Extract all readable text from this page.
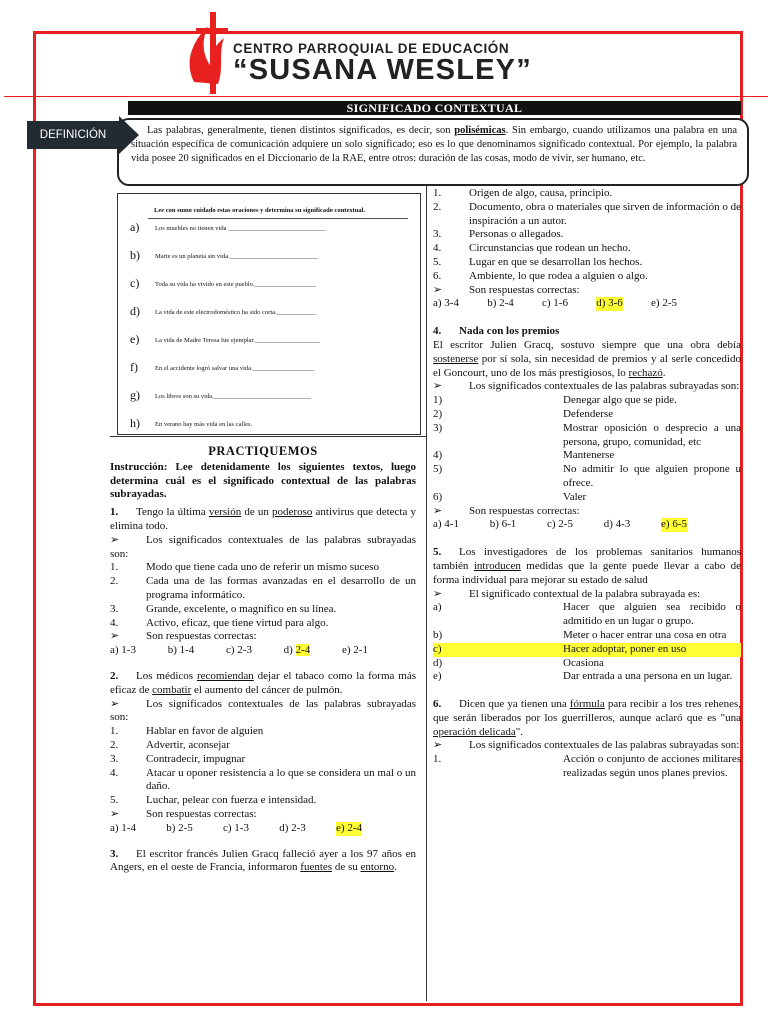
CENTRO PARROQUIAL DE EDUCACIÓN
“SUSANA WESLEY”
SIGNIFICADO CONTEXTUAL
Las palabras, generalmente, tienen distintos significados, es decir, son polisémicas. Sin embargo, cuando utilizamos una palabra en una situación específica de comunicación adquiere un solo significado; eso es lo que denominamos significado contextual. Por ejemplo, la palabra vida posee 20 significados en el Diccionario de la RAE, entre otros: duración de las cosas, modo de vivir, ser humano, etc.
DEFINICIÓN
Lee con sumo cuidado estas oraciones y determina su significado contextual.
a) Los muebles no tienen vida ______________________________
b) Marte es un planeta sin vida.___________________________
c) Toda su vida ha vivido en este pueblo.___________________
d) La vida de este electrodoméstico ha sido corta.____________
e) La vida de Madre Teresa fue ejemplar.____________________
f)	En el accidente logró salvar una vida.___________________
g) Los libros son su vida.______________________________
h) En verano hay más vida en las calles.
PRACTIQUEMOS
Instrucción: Lee detenidamente los siguientes textos, luego determina cuál es el significado contextual de las palabras subrayadas.
1. Tengo la última versión de un poderoso antivirus que detecta y elimina todo.
➢ Los significados contextuales de las palabras subrayadas son:
1.	Modo que tiene cada uno de referir un mismo suceso
2.	Cada una de las formas avanzadas en el desarrollo de un programa informático.
3.	Grande, excelente, o magnífico en su línea.
4.	Activo, eficaz, que tiene virtud para algo.
➢ Son respuestas correctas:
a) 1-3	b) 1-4	c) 2-3	d) 2-4	e) 2-1
2. Los médicos recomiendan dejar el tabaco como la forma más eficaz de combatir el aumento del cáncer de pulmón.
➢ Los significados contextuales de las palabras subrayadas son:
1.	Hablar en favor de alguien
2.	Advertir, aconsejar
3.	Contradecir, impugnar
4.	Atacar u oponer resistencia a lo que se considera un mal o un daño.
5.	Luchar, pelear con fuerza e intensidad.
➢ Son respuestas correctas:
a) 1-4	b) 2-5	c) 1-3	d) 2-3	e) 2-4
3. El escritor francés Julien Gracq falleció ayer a los 97 años en Angers, en el oeste de Francia, informaron fuentes de su entorno.
1.	Origen de algo, causa, principio.
2.	Documento, obra o materiales que sirven de información o de inspiración a un autor.
3.	Personas o allegados.
4.	Circunstancias que rodean un hecho.
5.	Lugar en que se desarrollan los hechos.
6.	Ambiente, lo que rodea a alguien o algo.
➢ Son respuestas correctas:
a) 3-4	b) 2-4	c) 1-6	d) 3-6	e) 2-5
4. Nada con los premios
El escritor Julien Gracq, sostuvo siempre que una obra debía sostenerse por sí sola, sin necesidad de premios y al serle concedido el Goncourt, uno de los más prestigiosos, lo rechazó.
➢ Los significados contextuales de las palabras subrayadas son:
1)	Denegar algo que se pide.
2)	Defenderse
3)	Mostrar oposición o desprecio a una persona, grupo, comunidad, etc
4)	Mantenerse
5)	No admitir lo que alguien propone u ofrece.
6)	Valer
➢ Son respuestas correctas:
a) 4-1	b) 6-1	c) 2-5	d) 4-3	e) 6-5
5. Los investigadores de los problemas sanitarios humanos también introducen medidas que la gente puede llevar a cabo de forma individual para mejorar su estado de salud
➢ El significado contextual de la palabra subrayada es:
a)	Hacer que alguien sea recibido o admitido en un lugar o grupo.
b)	Meter o hacer entrar una cosa en otra
c)	Hacer adoptar, poner en uso
d)	Ocasiona
e)	Dar entrada a una persona en un lugar.
6. Dicen que ya tienen una fórmula para recibir a los tres rehenes, que serán liberados por los guerrilleros, aunque aclaró que es "una operación delicada".
➢ Los significados contextuales de las palabras subrayadas son:
1.	Acción o conjunto de acciones militares realizadas según unos planes previos.
